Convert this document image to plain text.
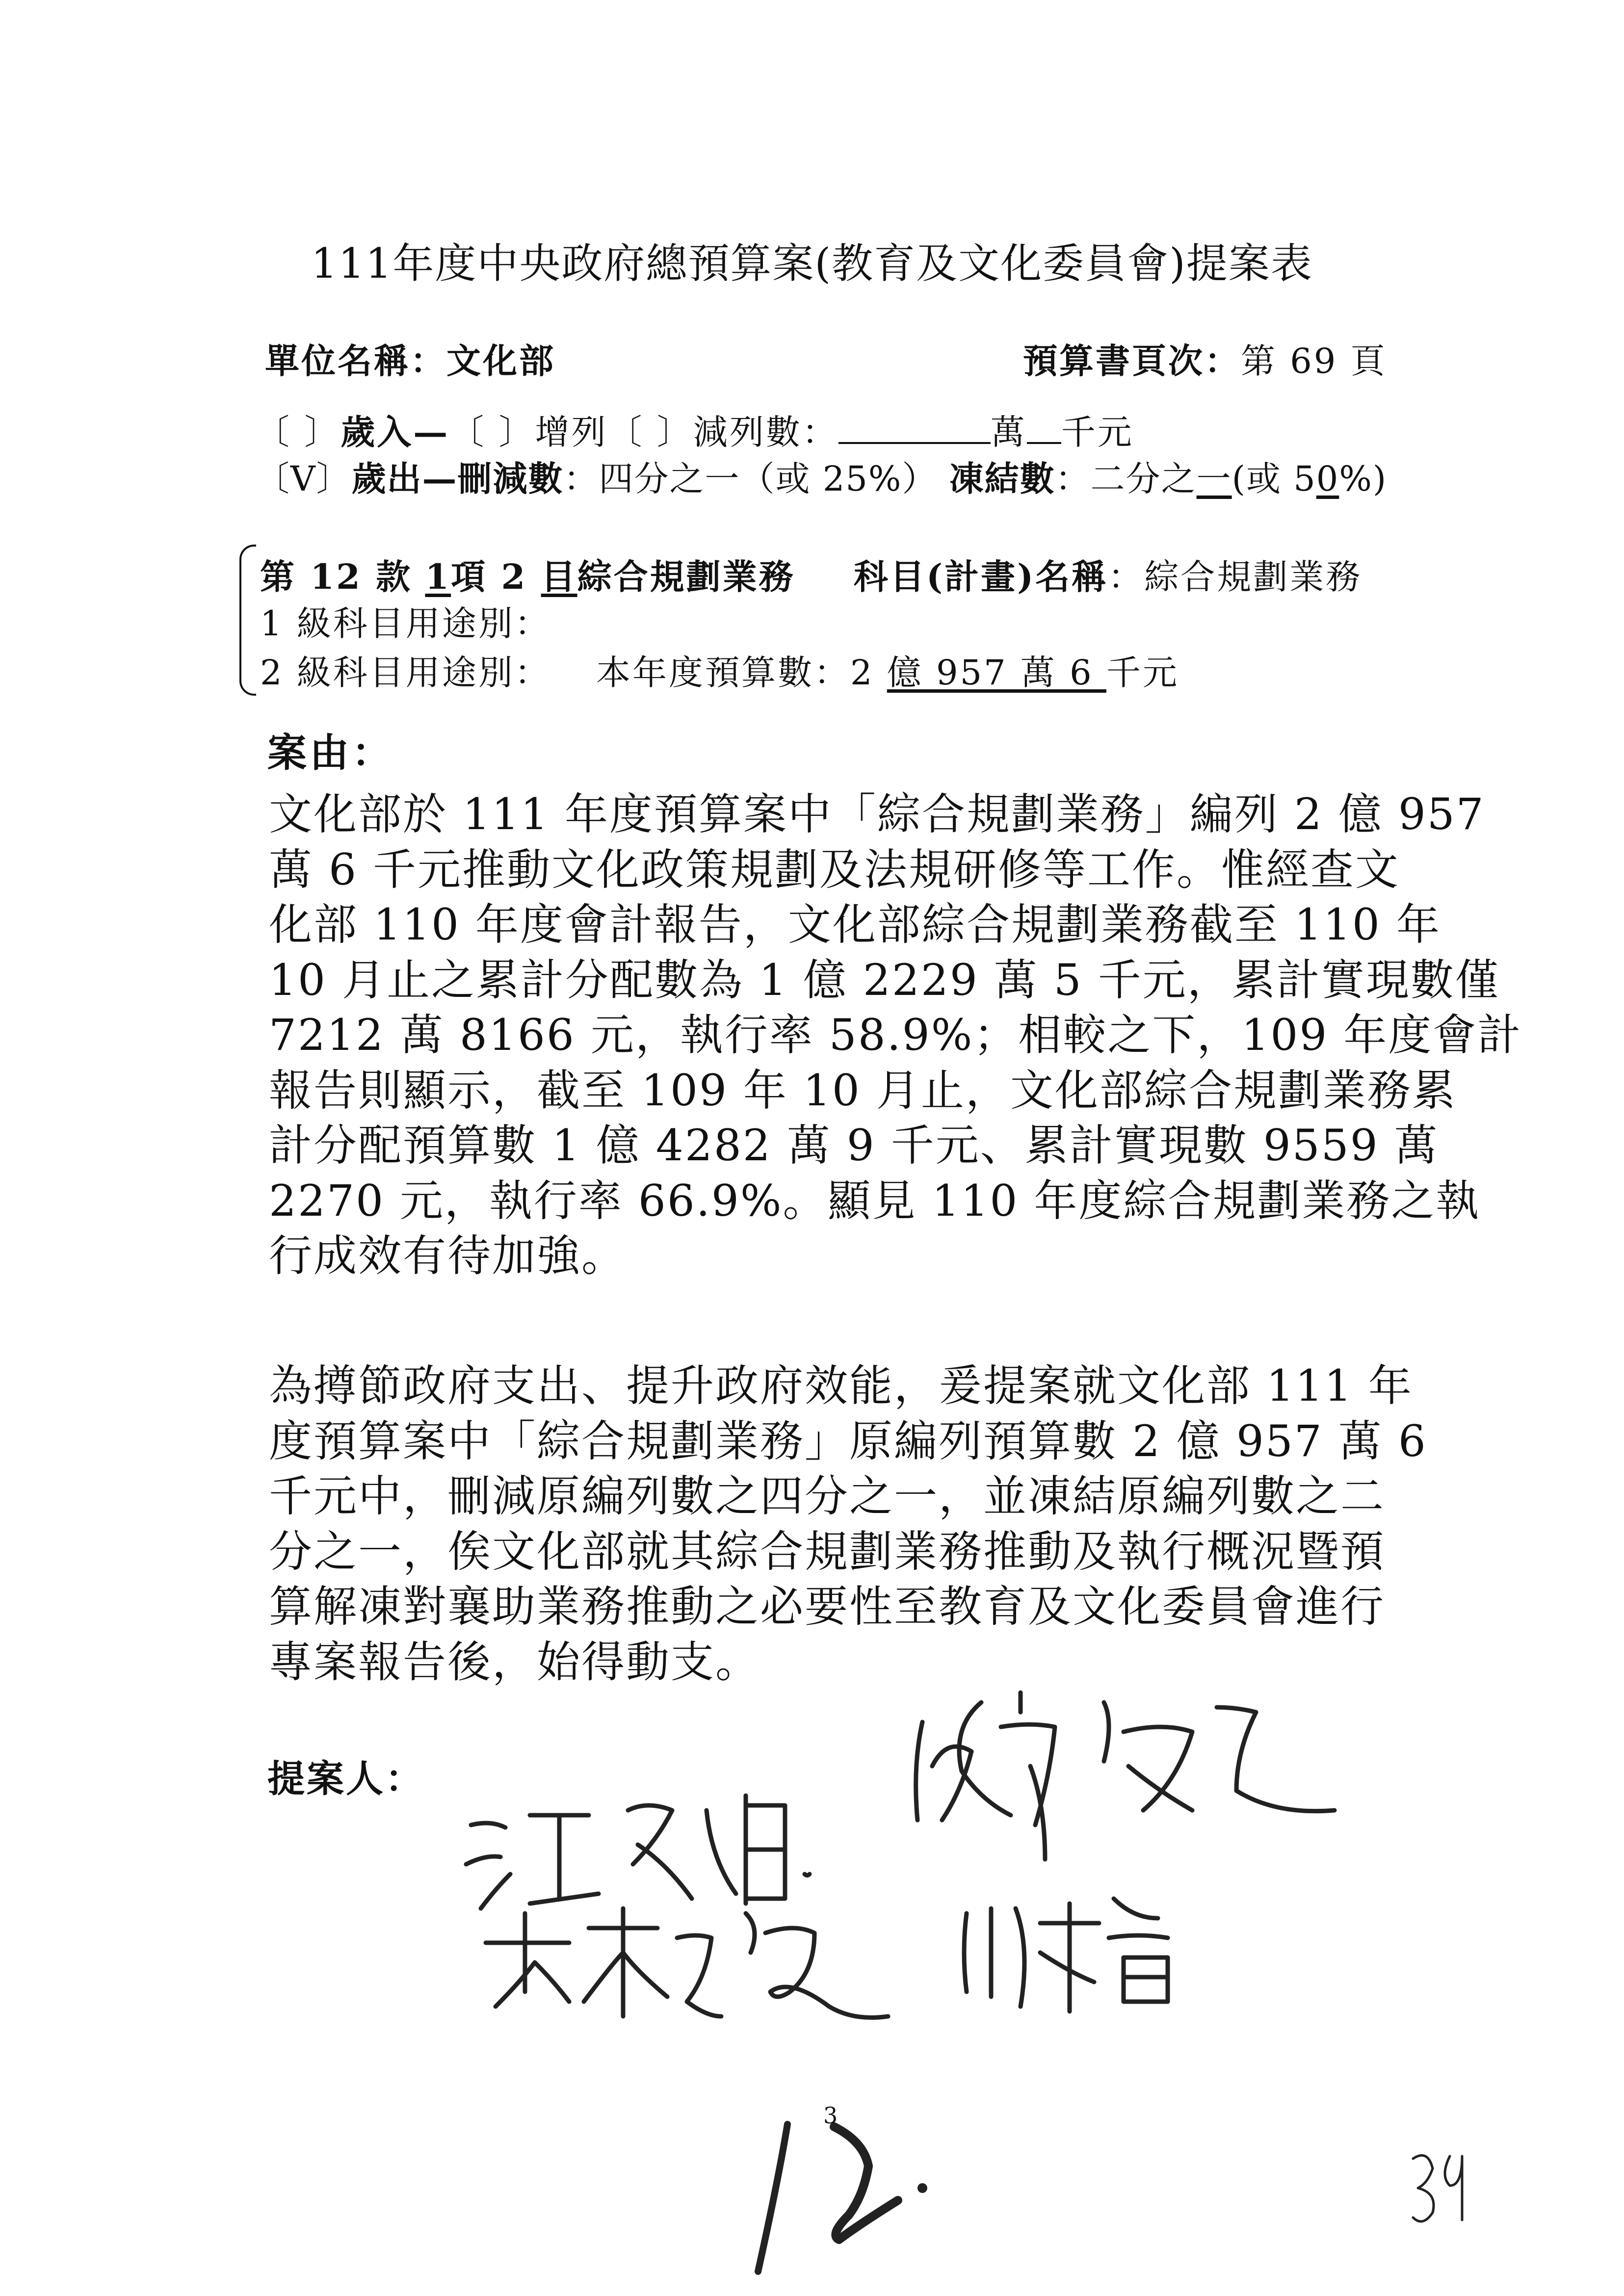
111年度中央政府總預算案(教育及文化委員會)提案表
單位名稱：文化部	預算書頁次：第 69 頁
〔 〕歲入—〔 〕增列〔 〕減列數：	萬 千元
〔V〕歲出—刪減數：四分之一（或 25%） 凍結數：二分之一(或 50%)
第 12 款 1項 2 目綜合規劃業務 科目(計畫)名稱：綜合規劃業務
1 級科目用途別：
2 級科目用途別： 本年度預算數：2 億 957 萬 6 千元
案由：
文化部於 111 年度預算案中「綜合規劃業務」編列 2 億 957
萬 6 千元推動文化政策規劃及法規研修等工作。惟經查文
化部 110 年度會計報告，文化部綜合規劃業務截至 110 年
10 月止之累計分配數為 1 億 2229 萬 5 千元，累計實現數僅
7212 萬 8166 元，執行率 58.9%；相較之下，109 年度會計
報告則顯示，截至 109 年 10 月止，文化部綜合規劃業務累
計分配預算數 1 億 4282 萬 9 千元、累計實現數 9559 萬
2270 元，執行率 66.9%。顯見 110 年度綜合規劃業務之執
行成效有待加強。
為撙節政府支出、提升政府效能，爰提案就文化部 111 年
度預算案中「綜合規劃業務」原編列預算數 2 億 957 萬 6
千元中，刪減原編列數之四分之一，並凍結原編列數之二
分之一，俟文化部就其綜合規劃業務推動及執行概況暨預
算解凍對襄助業務推動之必要性至教育及文化委員會進行
專案報告後，始得動支。
提案人：
3
